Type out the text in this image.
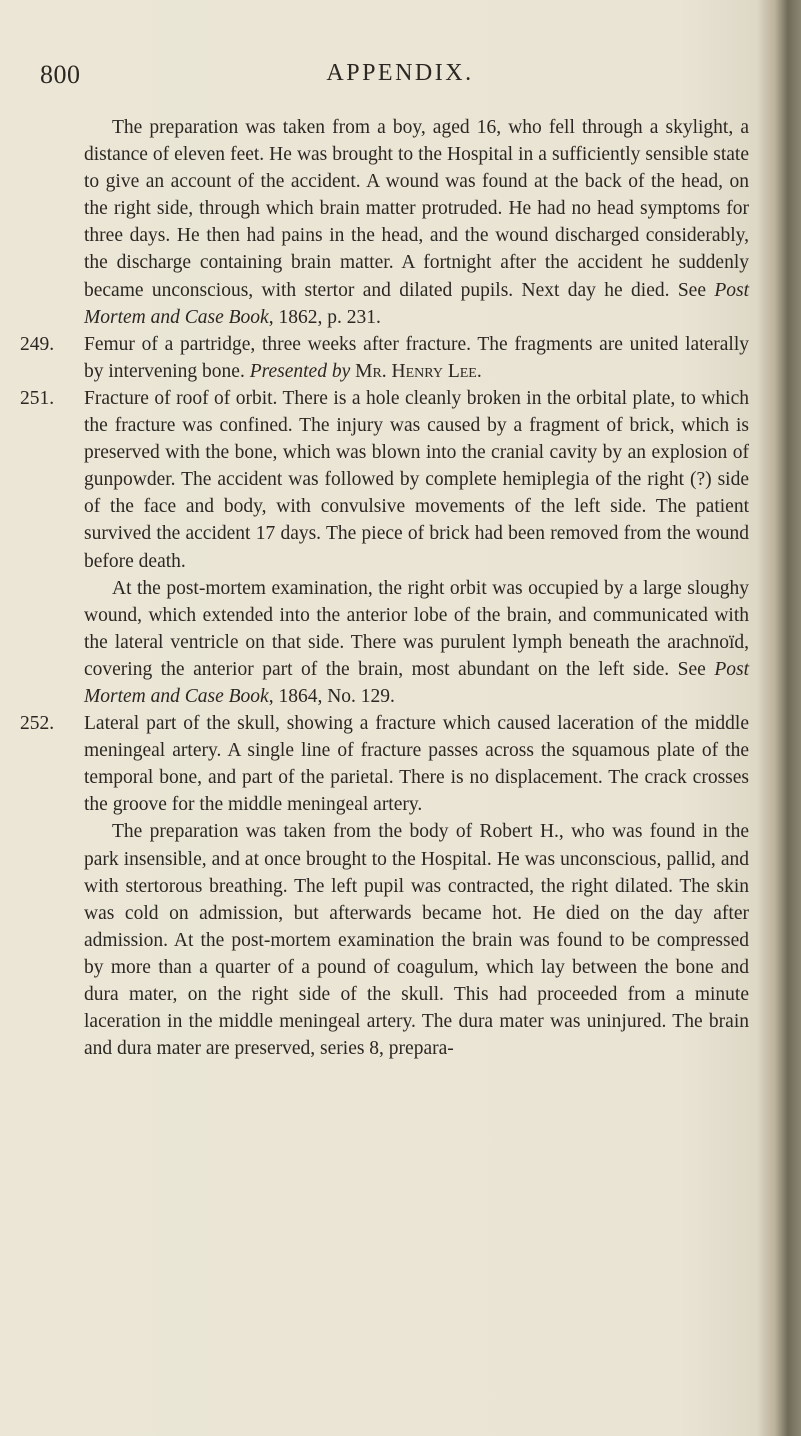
800	APPENDIX.

The preparation was taken from a boy, aged 16, who fell through a skylight, a distance of eleven feet. He was brought to the Hospital in a sufficiently sensible state to give an account of the accident. A wound was found at the back of the head, on the right side, through which brain matter protruded. He had no head symptoms for three days. He then had pains in the head, and the wound discharged considerably, the discharge containing brain matter. A fortnight after the accident he suddenly became unconscious, with stertor and dilated pupils. Next day he died. See Post Mortem and Case Book, 1862, p. 231.

249.	Femur of a partridge, three weeks after fracture. The fragments are united laterally by intervening bone. Presented by Mr. Henry Lee.

251.	Fracture of roof of orbit. There is a hole cleanly broken in the orbital plate, to which the fracture was confined. The injury was caused by a fragment of brick, which is preserved with the bone, which was blown into the cranial cavity by an explosion of gunpowder. The accident was followed by complete hemiplegia of the right (?) side of the face and body, with convulsive movements of the left side. The patient survived the accident 17 days. The piece of brick had been removed from the wound before death.

At the post-mortem examination, the right orbit was occupied by a large sloughy wound, which extended into the anterior lobe of the brain, and communicated with the lateral ventricle on that side. There was purulent lymph beneath the arachnoïd, covering the anterior part of the brain, most abundant on the left side. See Post Mortem and Case Book, 1864, No. 129.

252.	Lateral part of the skull, showing a fracture which caused laceration of the middle meningeal artery. A single line of fracture passes across the squamous plate of the temporal bone, and part of the parietal. There is no displacement. The crack crosses the groove for the middle meningeal artery.

The preparation was taken from the body of Robert H., who was found in the park insensible, and at once brought to the Hospital. He was unconscious, pallid, and with stertorous breathing. The left pupil was contracted, the right dilated. The skin was cold on admission, but afterwards became hot. He died on the day after admission. At the post-mortem examination the brain was found to be compressed by more than a quarter of a pound of coagulum, which lay between the bone and dura mater, on the right side of the skull. This had proceeded from a minute laceration in the middle meningeal artery. The dura mater was uninjured. The brain and dura mater are preserved, series 8, prepara-
